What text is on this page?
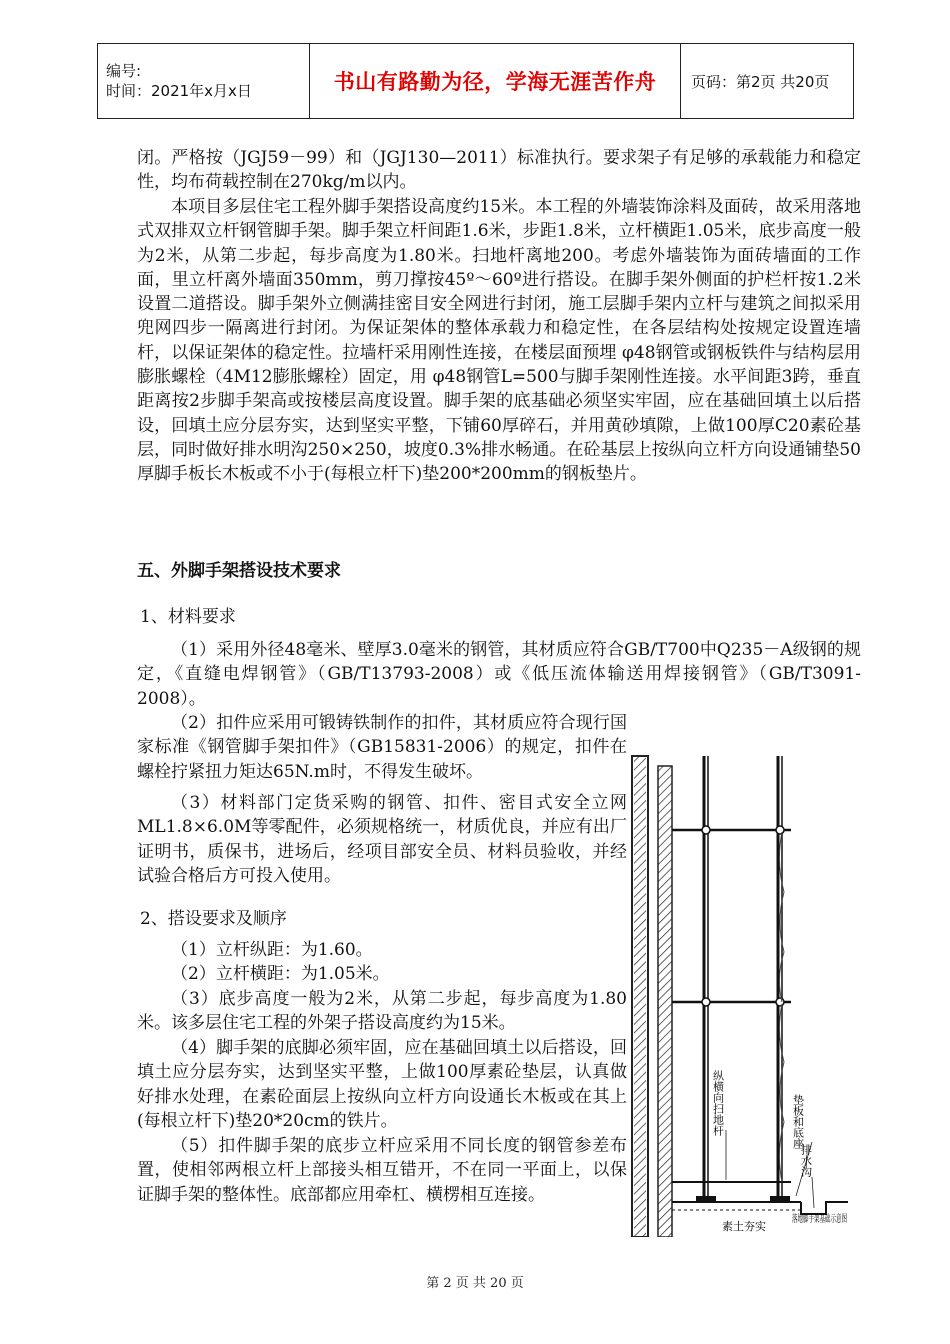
编号:
时间：2021年x月x日	书山有路勤为径，学海无涯苦作舟	页码：第2页 共20页

闭。严格按（JGJ59－99）和（JGJ130—2011）标准执行。要求架子有足够的承载能力和稳定性，均布荷载控制在270kg/m以内。

本项目多层住宅工程外脚手架搭设高度约15米。本工程的外墙装饰涂料及面砖，故采用落地式双排双立杆钢管脚手架。脚手架立杆间距1.6米，步距1.8米，立杆横距1.05米，底步高度一般为2米，从第二步起，每步高度为1.80米。扫地杆离地200。考虑外墙装饰为面砖墙面的工作面，里立杆离外墙面350mm，剪刀撑按45º～60º进行搭设。在脚手架外侧面的护栏杆按1.2米设置二道搭设。脚手架外立侧满挂密目安全网进行封闭，施工层脚手架内立杆与建筑之间拟采用兜网四步一隔离进行封闭。为保证架体的整体承载力和稳定性，在各层结构处按规定设置连墙杆，以保证架体的稳定性。拉墙杆采用刚性连接，在楼层面预埋 φ48钢管或钢板铁件与结构层用膨胀螺栓（4M12膨胀螺栓）固定，用 φ48钢管L=500与脚手架刚性连接。水平间距3跨，垂直距离按2步脚手架高或按楼层高度设置。脚手架的底基础必须坚实牢固，应在基础回填土以后搭设，回填土应分层夯实，达到坚实平整，下铺60厚碎石，并用黄砂填隙，上做100厚C20素砼基层，同时做好排水明沟250×250，坡度0.3%排水畅通。在砼基层上按纵向立杆方向设通铺垫50厚脚手板长木板或不小于(每根立杆下)垫200*200mm的钢板垫片。

五、外脚手架搭设技术要求
1、材料要求

（1）采用外径48毫米、壁厚3.0毫米的钢管，其材质应符合GB/T700中Q235－A级钢的规定，《直缝电焊钢管》（GB/T13793-2008）或《低压流体输送用焊接钢管》（GB/T3091-2008）。

（2）扣件应采用可锻铸铁制作的扣件，其材质应符合现行国家标准《钢管脚手架扣件》（GB15831-2006）的规定，扣件在螺栓拧紧扭力矩达65N.m时，不得发生破坏。

（3）材料部门定货采购的钢管、扣件、密目式安全立网ML1.8×6.0M等零配件，必须规格统一，材质优良，并应有出厂证明书，质保书，进场后，经项目部安全员、材料员验收，并经试验合格后方可投入使用。

2、搭设要求及顺序

（1）立杆纵距：为1.60。

（2）立杆横距：为1.05米。

（3）底步高度一般为2米，从第二步起，每步高度为1.80米。该多层住宅工程的外架子搭设高度约为15米。

（4）脚手架的底脚必须牢固，应在基础回填土以后搭设，回填土应分层夯实，达到坚实平整，上做100厚素砼垫层，认真做好排水处理，在素砼面层上按纵向立杆方向设通长木板或在其上(每根立杆下)垫20*20cm的铁片。

（5）扣件脚手架的底步立杆应采用不同长度的钢管参差布置，使相邻两根立杆上部接头相互错开，不在同一平面上，以保证脚手架的整体性。底部都应用牵杠、横楞相互连接。

纵横向扫地杆	垫板和底座
排水沟
素土夯实
落地脚手架基础示意图
第 2 页 共 20 页
